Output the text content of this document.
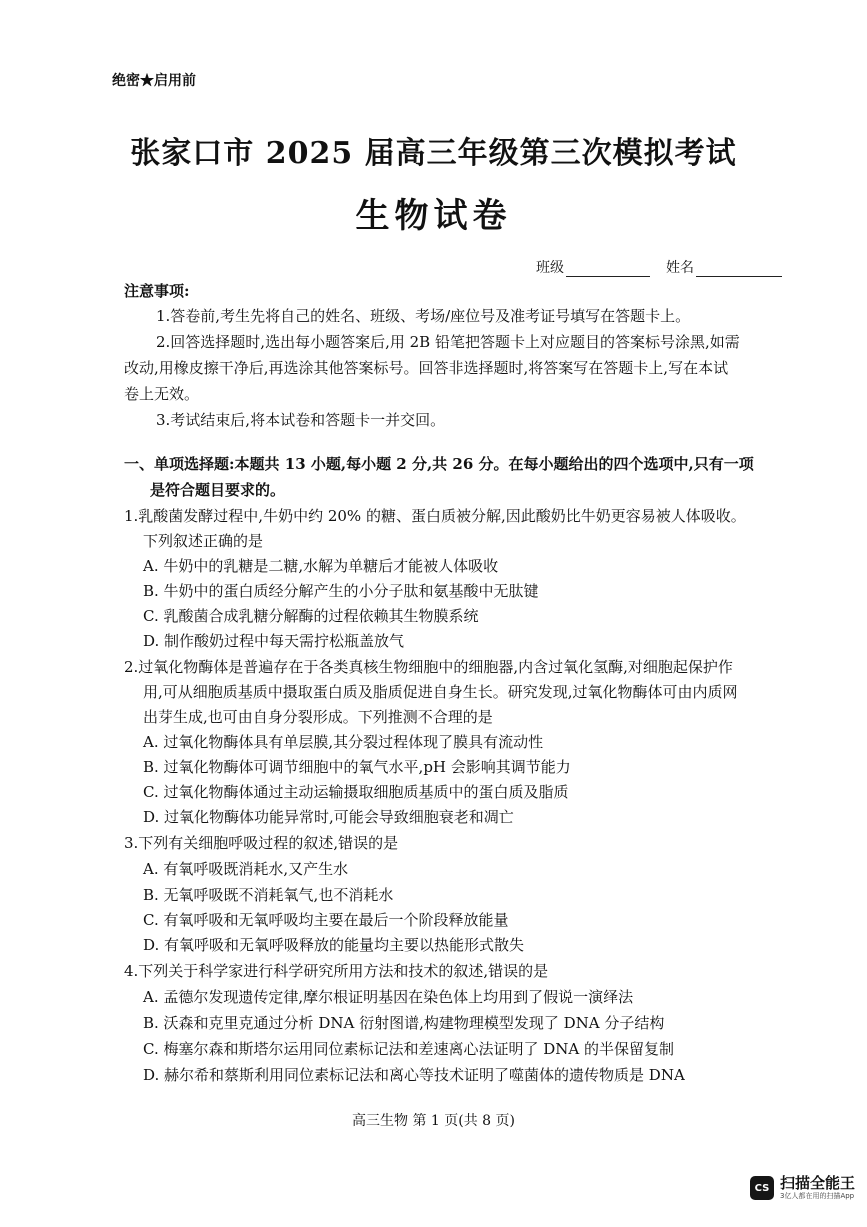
绝密★启用前
张家口市 2025 届高三年级第三次模拟考试
生物试卷
班级	姓名
注意事项:
1.答卷前,考生先将自己的姓名、班级、考场/座位号及准考证号填写在答题卡上。
2.回答选择题时,选出每小题答案后,用 2B 铅笔把答题卡上对应题目的答案标号涂黑,如需
改动,用橡皮擦干净后,再选涂其他答案标号。回答非选择题时,将答案写在答题卡上,写在本试
卷上无效。
3.考试结束后,将本试卷和答题卡一并交回。
一、单项选择题:本题共 13 小题,每小题 2 分,共 26 分。在每小题给出的四个选项中,只有一项
是符合题目要求的。
1.乳酸菌发酵过程中,牛奶中约 20% 的糖、蛋白质被分解,因此酸奶比牛奶更容易被人体吸收。
下列叙述正确的是
A. 牛奶中的乳糖是二糖,水解为单糖后才能被人体吸收
B. 牛奶中的蛋白质经分解产生的小分子肽和氨基酸中无肽键
C. 乳酸菌合成乳糖分解酶的过程依赖其生物膜系统
D. 制作酸奶过程中每天需拧松瓶盖放气
2.过氧化物酶体是普遍存在于各类真核生物细胞中的细胞器,内含过氧化氢酶,对细胞起保护作
用,可从细胞质基质中摄取蛋白质及脂质促进自身生长。研究发现,过氧化物酶体可由内质网
出芽生成,也可由自身分裂形成。下列推测不合理的是
A. 过氧化物酶体具有单层膜,其分裂过程体现了膜具有流动性
B. 过氧化物酶体可调节细胞中的氧气水平,pH 会影响其调节能力
C. 过氧化物酶体通过主动运输摄取细胞质基质中的蛋白质及脂质
D. 过氧化物酶体功能异常时,可能会导致细胞衰老和凋亡
3.下列有关细胞呼吸过程的叙述,错误的是
A. 有氧呼吸既消耗水,又产生水
B. 无氧呼吸既不消耗氧气,也不消耗水
C. 有氧呼吸和无氧呼吸均主要在最后一个阶段释放能量
D. 有氧呼吸和无氧呼吸释放的能量均主要以热能形式散失
4.下列关于科学家进行科学研究所用方法和技术的叙述,错误的是
A. 孟德尔发现遗传定律,摩尔根证明基因在染色体上均用到了假说一演绎法
B. 沃森和克里克通过分析 DNA 衍射图谱,构建物理模型发现了 DNA 分子结构
C. 梅塞尔森和斯塔尔运用同位素标记法和差速离心法证明了 DNA 的半保留复制
D. 赫尔希和蔡斯利用同位素标记法和离心等技术证明了噬菌体的遗传物质是 DNA
高三生物 第 1 页(共 8 页)
CS 扫描全能王
3亿人都在用的扫描App
